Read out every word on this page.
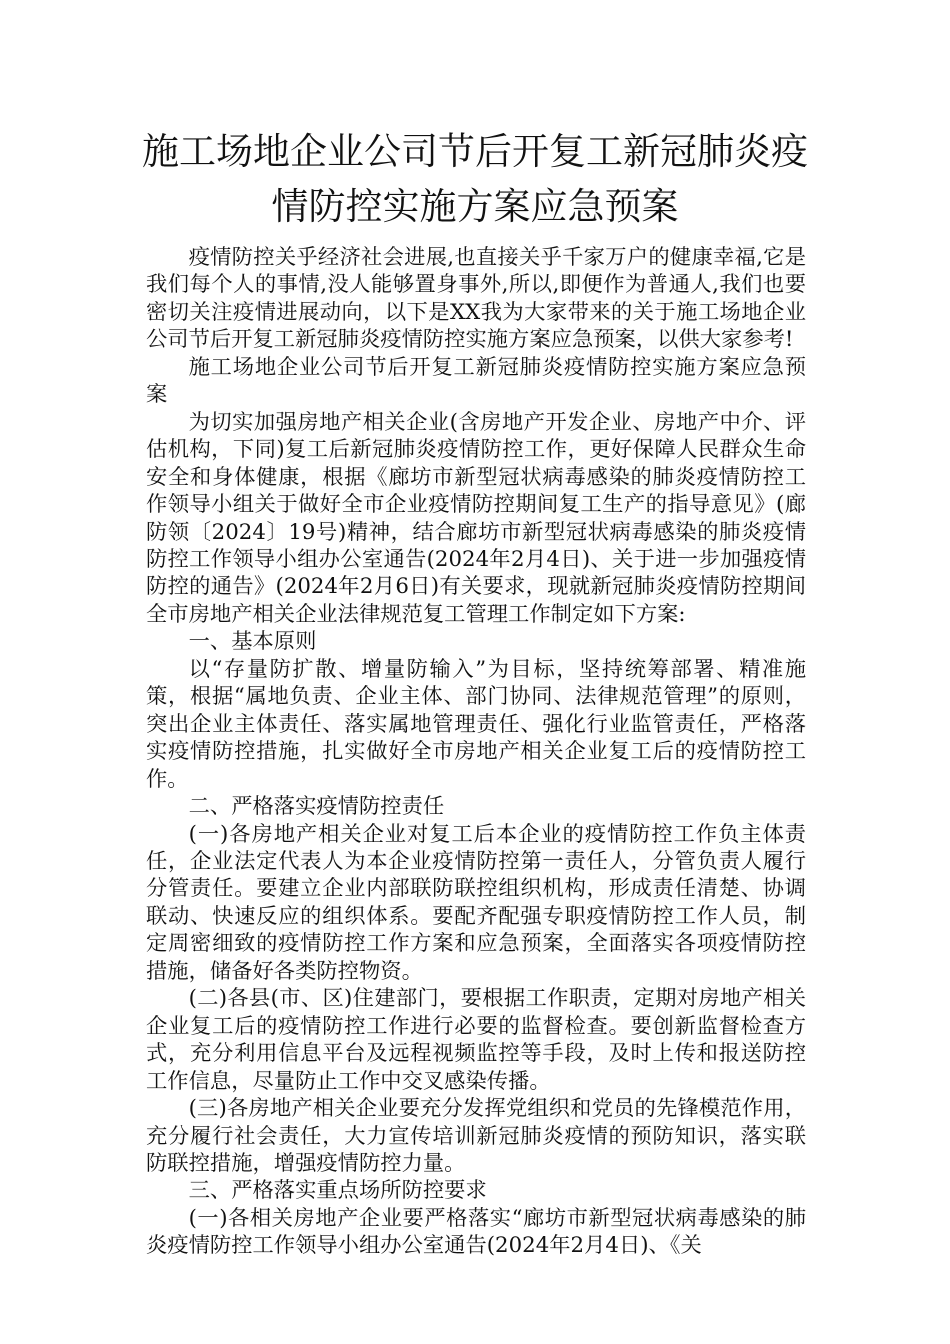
施工场地企业公司节后开复工新冠肺炎疫
情防控实施方案应急预案

疫情防控关乎经济社会进展,也直接关乎千家万户的健康幸福,它是我们每个人的事情,没人能够置身事外,所以,即便作为普通人,我们也要密切关注疫情进展动向，以下是XX我为大家带来的关于施工场地企业公司节后开复工新冠肺炎疫情防控实施方案应急预案，以供大家参考!

施工场地企业公司节后开复工新冠肺炎疫情防控实施方案应急预案

为切实加强房地产相关企业(含房地产开发企业、房地产中介、评估机构，下同)复工后新冠肺炎疫情防控工作，更好保障人民群众生命安全和身体健康，根据《廊坊市新型冠状病毒感染的肺炎疫情防控工作领导小组关于做好全市企业疫情防控期间复工生产的指导意见》(廊防领〔2024〕19号)精神，结合廊坊市新型冠状病毒感染的肺炎疫情防控工作领导小组办公室通告(2024年2月4日)、关于进一步加强疫情防控的通告》(2024年2月6日)有关要求，现就新冠肺炎疫情防控期间全市房地产相关企业法律规范复工管理工作制定如下方案:

一、基本原则

以“存量防扩散、增量防输入”为目标，坚持统筹部署、精准施策，根据“属地负责、企业主体、部门协同、法律规范管理”的原则，突出企业主体责任、落实属地管理责任、强化行业监管责任，严格落实疫情防控措施，扎实做好全市房地产相关企业复工后的疫情防控工作。

二、严格落实疫情防控责任

(一)各房地产相关企业对复工后本企业的疫情防控工作负主体责任，企业法定代表人为本企业疫情防控第一责任人，分管负责人履行分管责任。要建立企业内部联防联控组织机构，形成责任清楚、协调联动、快速反应的组织体系。要配齐配强专职疫情防控工作人员，制定周密细致的疫情防控工作方案和应急预案，全面落实各项疫情防控措施，储备好各类防控物资。

(二)各县(市、区)住建部门，要根据工作职责，定期对房地产相关企业复工后的疫情防控工作进行必要的监督检查。要创新监督检查方式，充分利用信息平台及远程视频监控等手段，及时上传和报送防控工作信息，尽量防止工作中交叉感染传播。

(三)各房地产相关企业要充分发挥党组织和党员的先锋模范作用，充分履行社会责任，大力宣传培训新冠肺炎疫情的预防知识，落实联防联控措施，增强疫情防控力量。

三、严格落实重点场所防控要求

(一)各相关房地产企业要严格落实“廊坊市新型冠状病毒感染的肺炎疫情防控工作领导小组办公室通告(2024年2月4日)、《关
